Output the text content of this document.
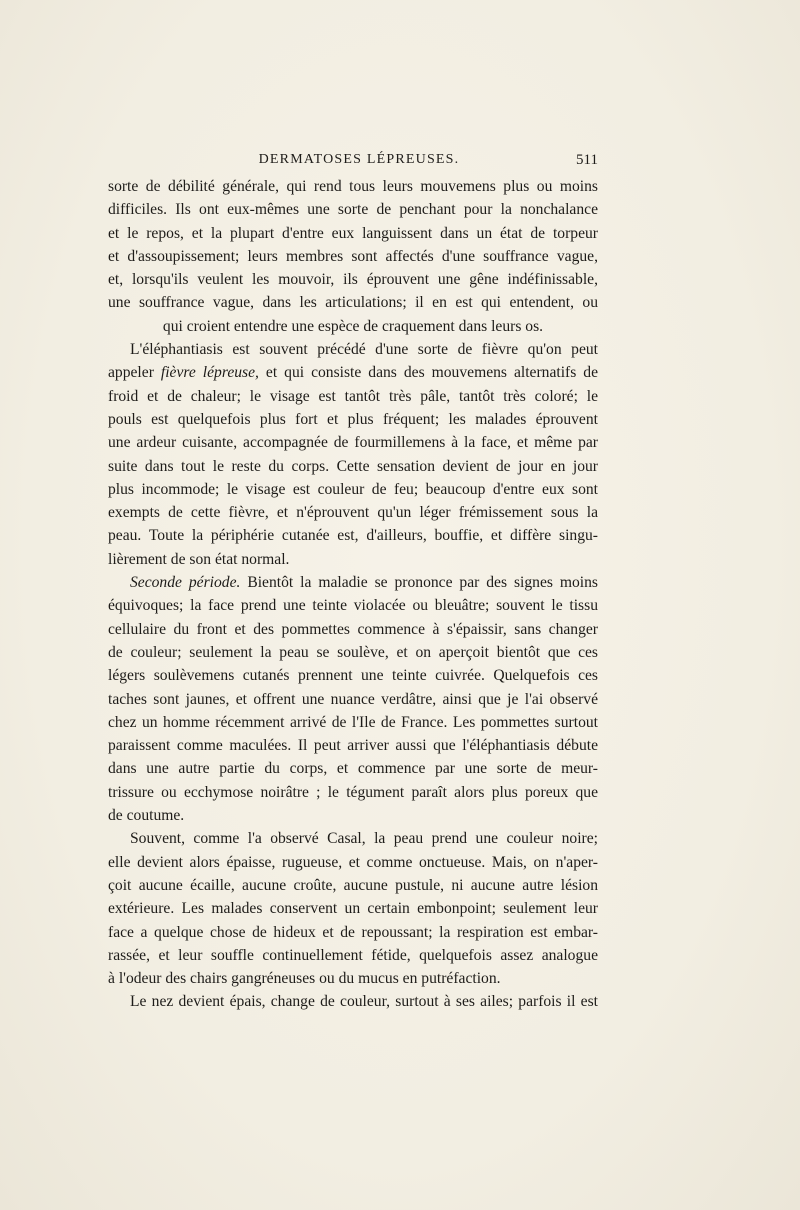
DERMATOSES LÉPREUSES.	511
sorte de débilité générale, qui rend tous leurs mouvemens plus ou moins
difficiles. Ils ont eux-mêmes une sorte de penchant pour la nonchalance
et le repos, et la plupart d'entre eux languissent dans un état de torpeur
et d'assoupissement; leurs membres sont affectés d'une souffrance vague,
et, lorsqu'ils veulent les mouvoir, ils éprouvent une gêne indéfinissable,
une souffrance vague, dans les articulations; il en est qui entendent, ou
qui croient entendre une espèce de craquement dans leurs os.
L'éléphantiasis est souvent précédé d'une sorte de fièvre qu'on peut
appeler fièvre lépreuse, et qui consiste dans des mouvemens alternatifs de
froid et de chaleur; le visage est tantôt très pâle, tantôt très coloré; le
pouls est quelquefois plus fort et plus fréquent; les malades éprouvent
une ardeur cuisante, accompagnée de fourmillemens à la face, et même par
suite dans tout le reste du corps. Cette sensation devient de jour en jour
plus incommode; le visage est couleur de feu; beaucoup d'entre eux sont
exempts de cette fièvre, et n'éprouvent qu'un léger frémissement sous la
peau. Toute la périphérie cutanée est, d'ailleurs, bouffie, et diffère singu-
lièrement de son état normal.
Seconde période. Bientôt la maladie se prononce par des signes moins
équivoques; la face prend une teinte violacée ou bleuâtre; souvent le tissu
cellulaire du front et des pommettes commence à s'épaissir, sans changer
de couleur; seulement la peau se soulève, et on aperçoit bientôt que ces
légers soulèvemens cutanés prennent une teinte cuivrée. Quelquefois ces
taches sont jaunes, et offrent une nuance verdâtre, ainsi que je l'ai observé
chez un homme récemment arrivé de l'Ile de France. Les pommettes surtout
paraissent comme maculées. Il peut arriver aussi que l'éléphantiasis débute
dans une autre partie du corps, et commence par une sorte de meur-
trissure ou ecchymose noirâtre ; le tégument paraît alors plus poreux que
de coutume.
Souvent, comme l'a observé Casal, la peau prend une couleur noire;
elle devient alors épaisse, rugueuse, et comme onctueuse. Mais, on n'aper-
çoit aucune écaille, aucune croûte, aucune pustule, ni aucune autre lésion
extérieure. Les malades conservent un certain embonpoint; seulement leur
face a quelque chose de hideux et de repoussant; la respiration est embar-
rassée, et leur souffle continuellement fétide, quelquefois assez analogue
à l'odeur des chairs gangréneuses ou du mucus en putréfaction.
Le nez devient épais, change de couleur, surtout à ses ailes; parfois il est
